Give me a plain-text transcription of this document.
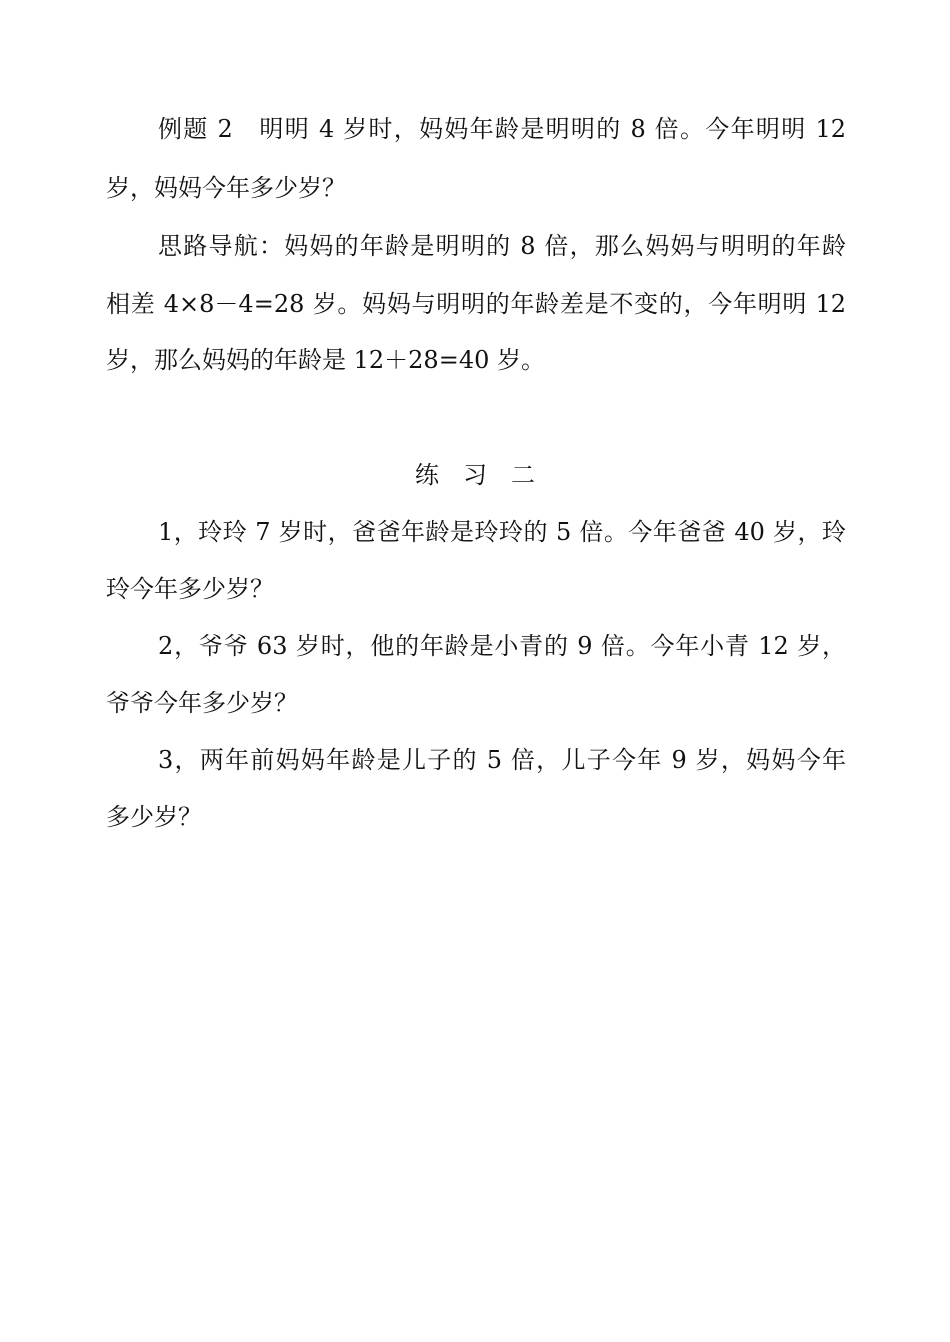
例题 2　明明 4 岁时，妈妈年龄是明明的 8 倍。今年明明 12
岁，妈妈今年多少岁？
思路导航：妈妈的年龄是明明的 8 倍，那么妈妈与明明的年龄
相差 4×8－4=28 岁。妈妈与明明的年龄差是不变的，今年明明 12
岁，那么妈妈的年龄是 12＋28=40 岁。
练　习　二
1，玲玲 7 岁时，爸爸年龄是玲玲的 5 倍。今年爸爸 40 岁，玲
玲今年多少岁？
2，爷爷 63 岁时，他的年龄是小青的 9 倍。今年小青 12 岁，
爷爷今年多少岁？
3，两年前妈妈年龄是儿子的 5 倍，儿子今年 9 岁，妈妈今年
多少岁？
